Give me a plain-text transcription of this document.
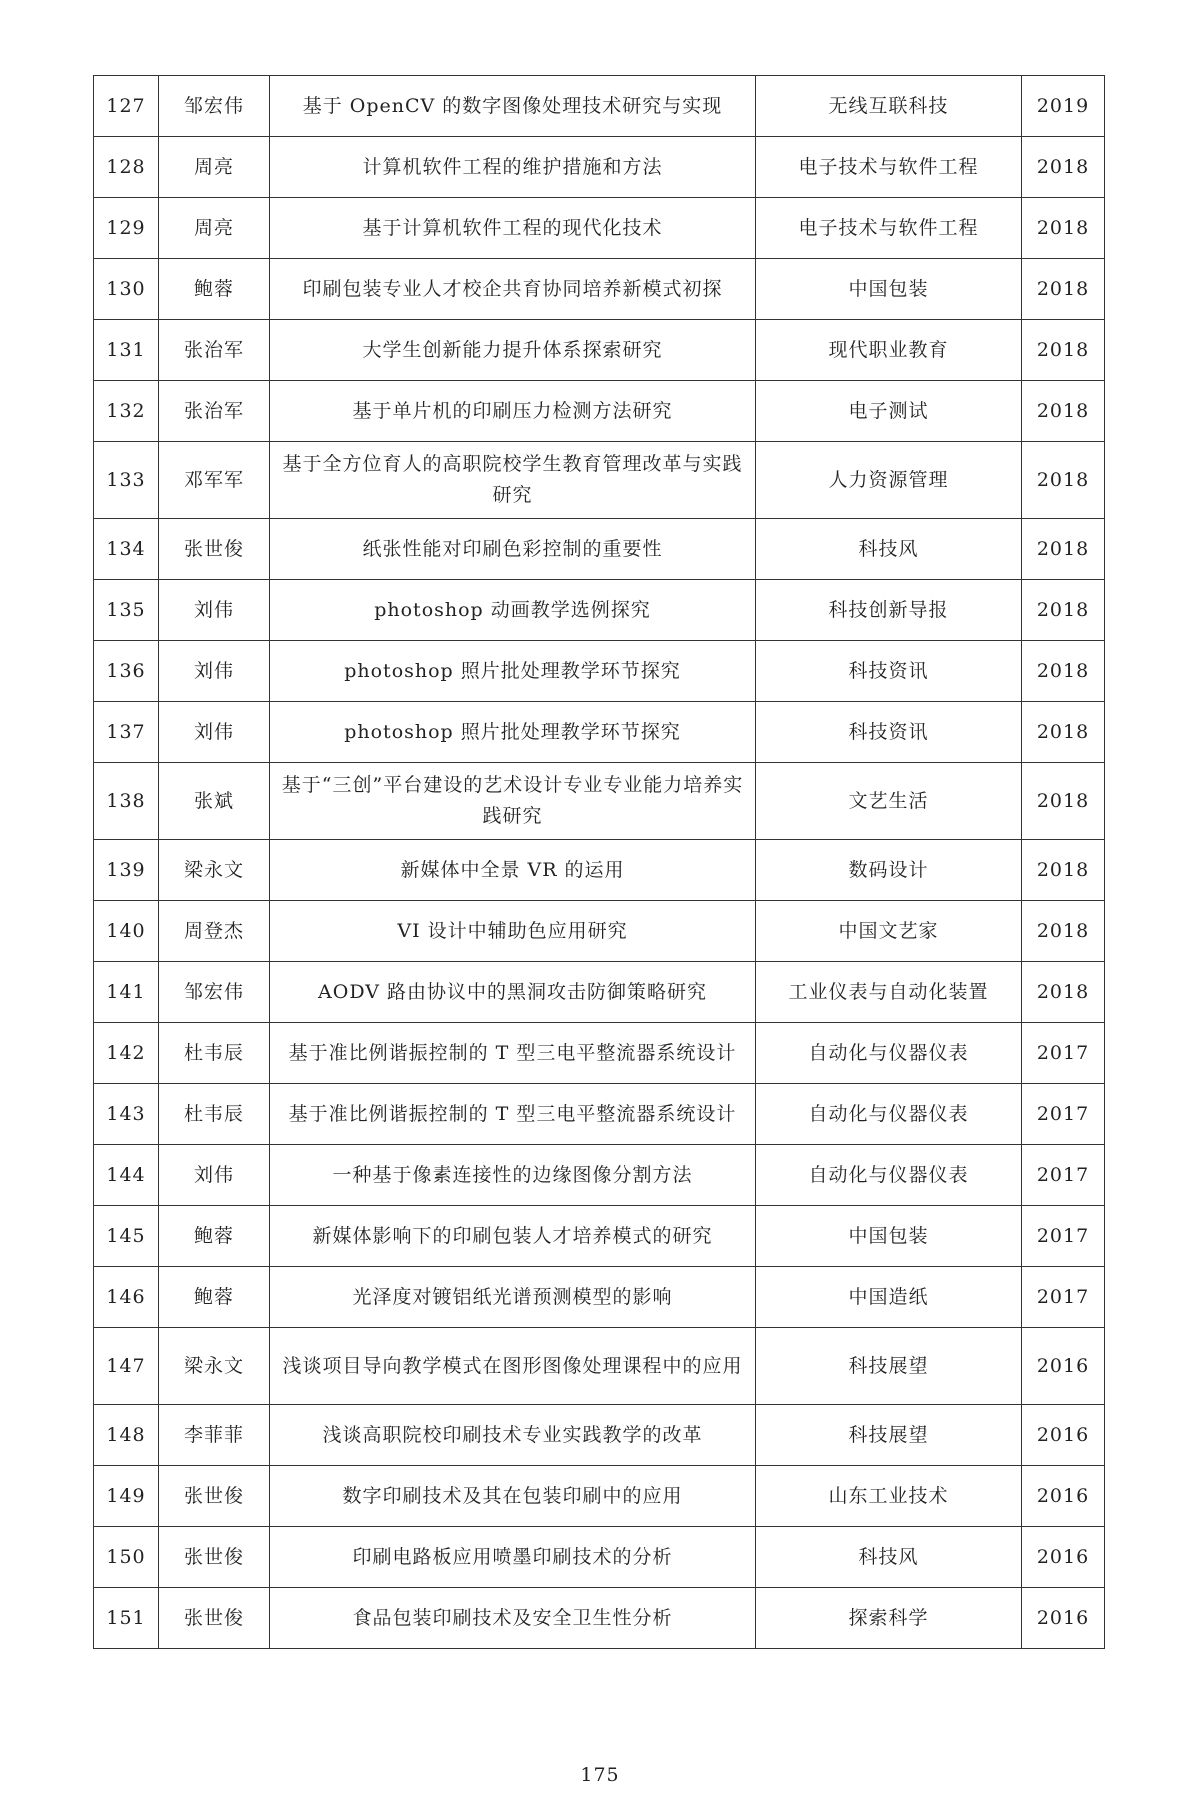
127	邹宏伟	基于 OpenCV 的数字图像处理技术研究与实现	无线互联科技	2019
128	周亮	计算机软件工程的维护措施和方法	电子技术与软件工程	2018
129	周亮	基于计算机软件工程的现代化技术	电子技术与软件工程	2018
130	鲍蓉	印刷包装专业人才校企共育协同培养新模式初探	中国包装	2018
131	张治军	大学生创新能力提升体系探索研究	现代职业教育	2018
132	张治军	基于单片机的印刷压力检测方法研究	电子测试	2018
133	邓军军	基于全方位育人的高职院校学生教育管理改革与实践研究	人力资源管理	2018
134	张世俊	纸张性能对印刷色彩控制的重要性	科技风	2018
135	刘伟	photoshop 动画教学选例探究	科技创新导报	2018
136	刘伟	photoshop 照片批处理教学环节探究	科技资讯	2018
137	刘伟	photoshop 照片批处理教学环节探究	科技资讯	2018
138	张斌	基于“三创”平台建设的艺术设计专业专业能力培养实践研究	文艺生活	2018
139	梁永文	新媒体中全景 VR 的运用	数码设计	2018
140	周登杰	VI 设计中辅助色应用研究	中国文艺家	2018
141	邹宏伟	AODV 路由协议中的黑洞攻击防御策略研究	工业仪表与自动化装置	2018
142	杜韦辰	基于准比例谐振控制的 T 型三电平整流器系统设计	自动化与仪器仪表	2017
143	杜韦辰	基于准比例谐振控制的 T 型三电平整流器系统设计	自动化与仪器仪表	2017
144	刘伟	一种基于像素连接性的边缘图像分割方法	自动化与仪器仪表	2017
145	鲍蓉	新媒体影响下的印刷包装人才培养模式的研究	中国包装	2017
146	鲍蓉	光泽度对镀铝纸光谱预测模型的影响	中国造纸	2017
147	梁永文	浅谈项目导向教学模式在图形图像处理课程中的应用	科技展望	2016
148	李菲菲	浅谈高职院校印刷技术专业实践教学的改革	科技展望	2016
149	张世俊	数字印刷技术及其在包装印刷中的应用	山东工业技术	2016
150	张世俊	印刷电路板应用喷墨印刷技术的分析	科技风	2016
151	张世俊	食品包装印刷技术及安全卫生性分析	探索科学	2016
175
